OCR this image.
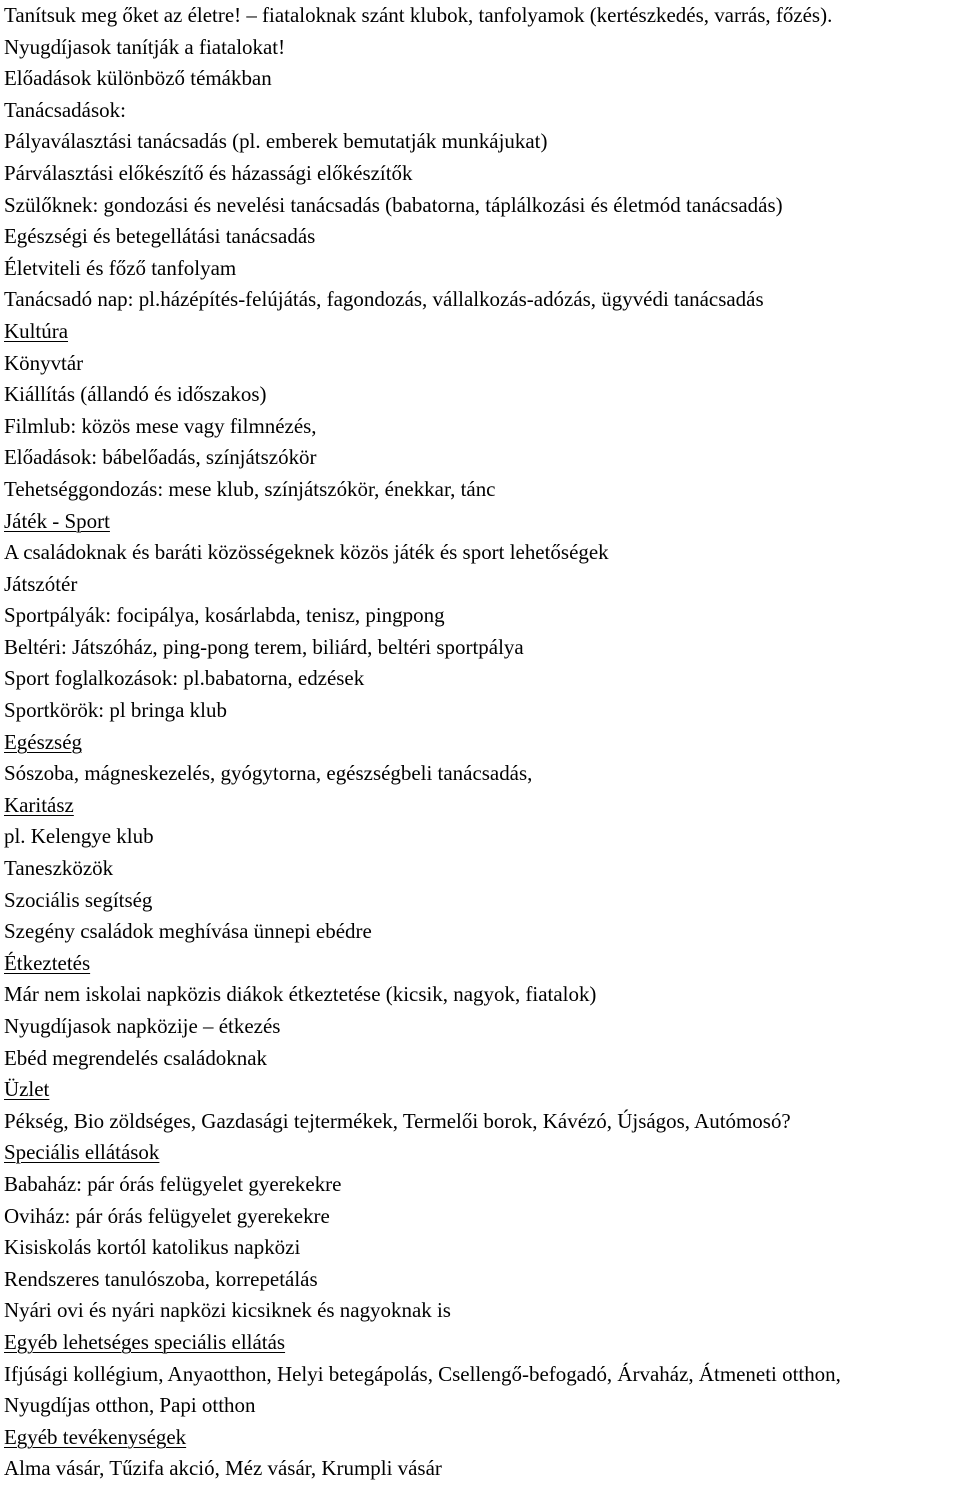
Tanítsuk meg őket az életre! – fiataloknak szánt klubok, tanfolyamok (kertészkedés, varrás, főzés).
Nyugdíjasok tanítják a fiatalokat!
Előadások különböző témákban
Tanácsadások:
Pályaválasztási tanácsadás (pl. emberek bemutatják munkájukat)
Párválasztási előkészítő és házassági előkészítők
Szülőknek: gondozási és nevelési tanácsadás (babatorna, táplálkozási és életmód tanácsadás)
Egészségi és betegellátási tanácsadás
Életviteli és főző tanfolyam
Tanácsadó nap: pl.házépítés-felújátás, fagondozás, vállalkozás-adózás, ügyvédi tanácsadás
Kultúra
Könyvtár
Kiállítás (állandó és időszakos)
Filmlub: közös mese vagy filmnézés,
Előadások: bábelőadás, színjátszókör
Tehetséggondozás: mese klub, színjátszókör, énekkar, tánc
Játék - Sport
A családoknak és baráti közösségeknek közös játék és sport lehetőségek
Játszótér
Sportpályák: focipálya, kosárlabda, tenisz, pingpong
Beltéri: Játszóház, ping-pong terem, biliárd, beltéri sportpálya
Sport foglalkozások: pl.babatorna, edzések
Sportkörök: pl bringa klub
Egészség
Sószoba, mágneskezelés, gyógytorna, egészségbeli tanácsadás,
Karitász
pl. Kelengye klub
Taneszközök
Szociális segítség
Szegény családok meghívása ünnepi ebédre
Étkeztetés
Már nem iskolai napközis diákok étkeztetése (kicsik, nagyok, fiatalok)
Nyugdíjasok napközije – étkezés
Ebéd megrendelés családoknak
Üzlet
Pékség, Bio zöldséges, Gazdasági tejtermékek, Termelői borok, Kávézó, Újságos, Autómosó?
Speciális ellátások
Babaház: pár órás felügyelet gyerekekre
Oviház: pár órás felügyelet gyerekekre
Kisiskolás kortól katolikus napközi
Rendszeres tanulószoba, korrepetálás
Nyári ovi és nyári napközi kicsiknek és nagyoknak is
Egyéb lehetséges speciális ellátás
Ifjúsági kollégium, Anyaotthon, Helyi betegápolás, Csellengő-befogadó, Árvaház, Átmeneti otthon,
Nyugdíjas otthon, Papi otthon
Egyéb tevékenységek
Alma vásár, Tűzifa akció, Méz vásár, Krumpli vásár
